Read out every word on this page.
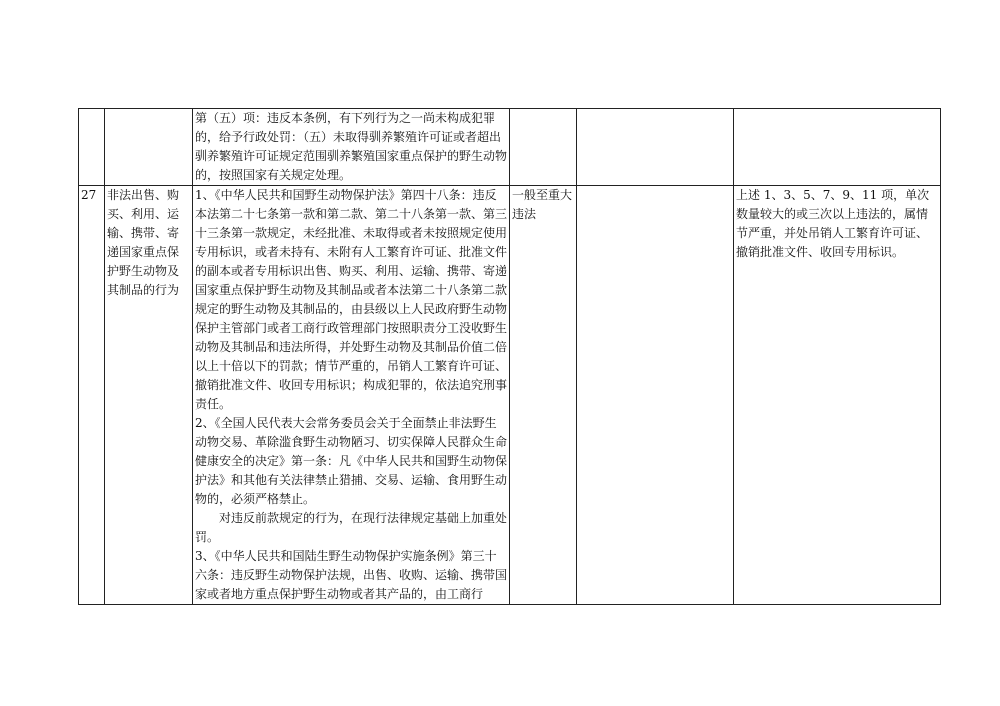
		第（五）项：违反本条例，有下列行为之一尚未构成犯罪的，给予行政处罚：（五）未取得驯养繁殖许可证或者超出驯养繁殖许可证规定范围驯养繁殖国家重点保护的野生动物的，按照国家有关规定处理。			

27	非法出售、购买、利用、运输、携带、寄递国家重点保护野生动物及其制品的行为	1、《中华人民共和国野生动物保护法》第四十八条：违反本法第二十七条第一款和第二款、第二十八条第一款、第三十三条第一款规定，未经批准、未取得或者未按照规定使用专用标识，或者未持有、未附有人工繁育许可证、批准文件的副本或者专用标识出售、购买、利用、运输、携带、寄递国家重点保护野生动物及其制品或者本法第二十八条第二款规定的野生动物及其制品的，由县级以上人民政府野生动物保护主管部门或者工商行政管理部门按照职责分工没收野生动物及其制品和违法所得，并处野生动物及其制品价值二倍以上十倍以下的罚款；情节严重的，吊销人工繁育许可证、撤销批准文件、收回专用标识；构成犯罪的，依法追究刑事责任。
2、《全国人民代表大会常务委员会关于全面禁止非法野生动物交易、革除滥食野生动物陋习、切实保障人民群众生命健康安全的决定》第一条：凡《中华人民共和国野生动物保护法》和其他有关法律禁止猎捕、交易、运输、食用野生动物的，必须严格禁止。
对违反前款规定的行为，在现行法律规定基础上加重处罚。
3、《中华人民共和国陆生野生动物保护实施条例》第三十六条：违反野生动物保护法规，出售、收购、运输、携带国家或者地方重点保护野生动物或者其产品的，由工商行	一般至重大违法		上述 1、3、5、7、9、11 项，单次数量较大的或三次以上违法的，属情节严重，并处吊销人工繁育许可证、撤销批准文件、收回专用标识。
